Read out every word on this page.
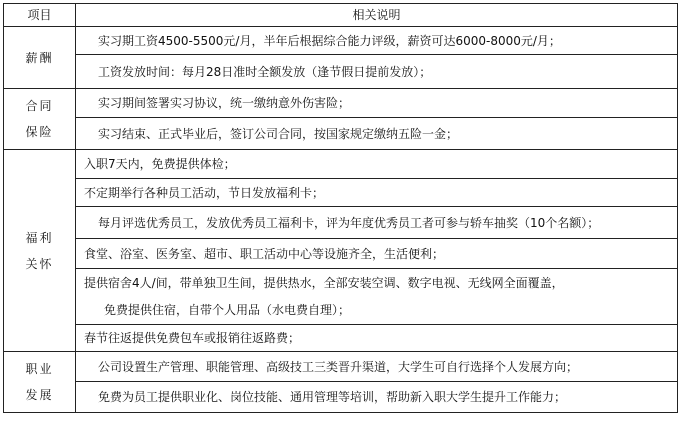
项目	相关说明

薪酬	实习期工资4500-5500元/月，半年后根据综合能力评级，薪资可达6000-8000元/月；
	工资发放时间：每月28日准时全额发放（逢节假日提前发放）；

合同
保险	实习期间签署实习协议，统一缴纳意外伤害险；
	实习结束、正式毕业后，签订公司合同，按国家规定缴纳五险一金；

福利
关怀	入职7天内，免费提供体检；
	不定期举行各种员工活动，节日发放福利卡；
	每月评选优秀员工，发放优秀员工福利卡，评为年度优秀员工者可参与轿车抽奖（10个名额）；
	食堂、浴室、医务室、超市、职工活动中心等设施齐全，生活便利；

	提供宿舍4人/间，带单独卫生间，提供热水，全部安装空调、数字电视、无线网全面覆盖，
免费提供住宿，自带个人用品（水电费自理）；

	春节往返提供免费包车或报销往返路费；

职业
发展	公司设置生产管理、职能管理、高级技工三类晋升渠道，大学生可自行选择个人发展方向；
	免费为员工提供职业化、岗位技能、通用管理等培训，帮助新入职大学生提升工作能力；
